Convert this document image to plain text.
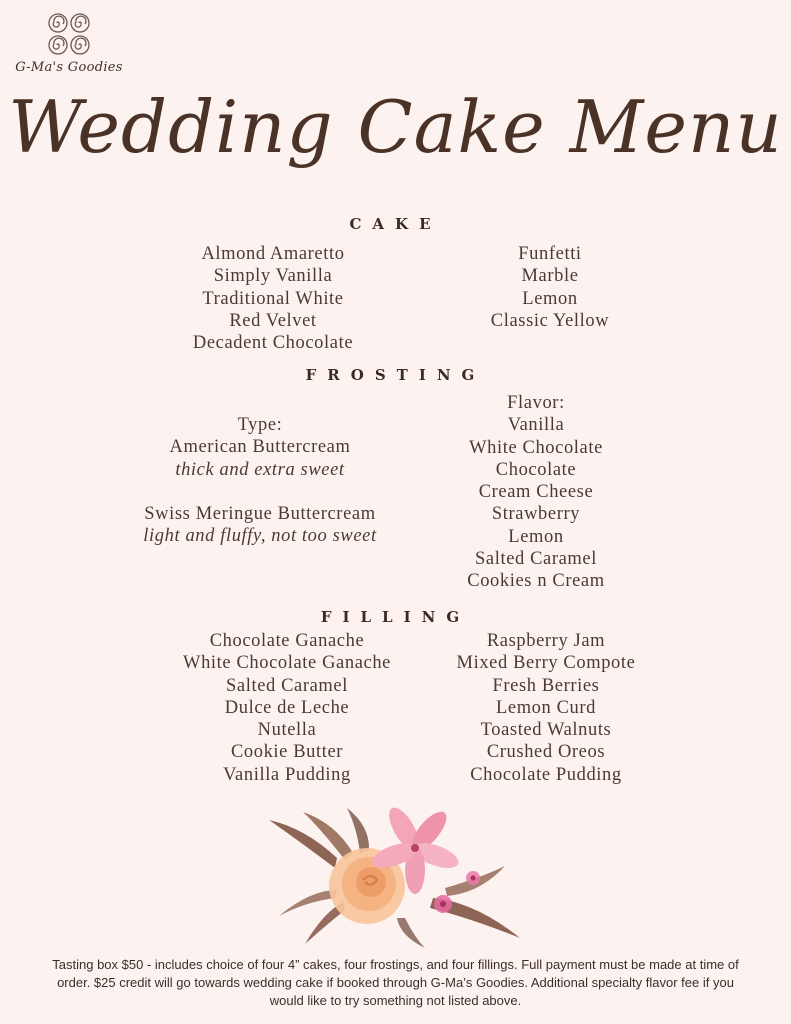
G-Ma's Goodies
Wedding Cake Menu
CAKE
Almond Amaretto
Simply Vanilla
Traditional White
Red Velvet
Decadent Chocolate
Funfetti
Marble
Lemon
Classic Yellow
FROSTING
Type:
American Buttercream
thick and extra sweet
Swiss Meringue Buttercream
light and fluffy, not too sweet
Flavor:
Vanilla
White Chocolate
Chocolate
Cream Cheese
Strawberry
Lemon
Salted Caramel
Cookies n Cream
FILLING
Chocolate Ganache
White Chocolate Ganache
Salted Caramel
Dulce de Leche
Nutella
Cookie Butter
Vanilla Pudding
Raspberry Jam
Mixed Berry Compote
Fresh Berries
Lemon Curd
Toasted Walnuts
Crushed Oreos
Chocolate Pudding
Tasting box $50 - includes choice of four 4” cakes, four frostings, and four fillings. Full payment must be made at time of order. $25 credit will go towards wedding cake if booked through G-Ma’s Goodies. Additional specialty flavor fee if you would like to try something not listed above.
